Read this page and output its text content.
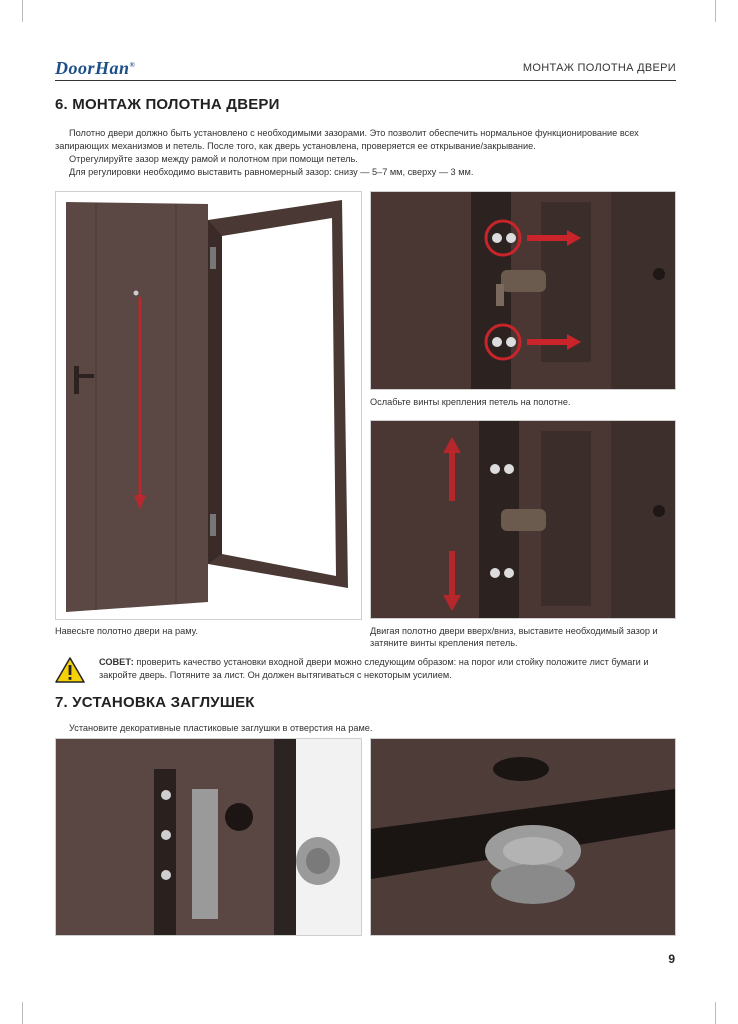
DoorHan®	МОНТАЖ ПОЛОТНА ДВЕРИ
6. МОНТАЖ ПОЛОТНА ДВЕРИ
Полотно двери должно быть установлено с необходимыми зазорами. Это позволит обеспечить нормальное функционирование всех запирающих механизмов и петель. После того, как дверь установлена, проверяется ее открывание/закрывание.
Отрегулируйте зазор между рамой и полотном при помощи петель.
Для регулировки необходимо выставить равномерный зазор: снизу — 5–7 мм, сверху — 3 мм.
Ослабьте винты крепления петель на полотне.
Навесьте полотно двери на раму.	Двигая полотно двери вверх/вниз, выставите необходимый зазор и затяните винты крепления петель.
СОВЕТ: проверить качество установки входной двери можно следующим образом: на порог или стойку положите лист бумаги и закройте дверь. Потяните за лист. Он должен вытягиваться с некоторым усилием.
7. УСТАНОВКА ЗАГЛУШЕК
Установите декоративные пластиковые заглушки в отверстия на раме.
9
